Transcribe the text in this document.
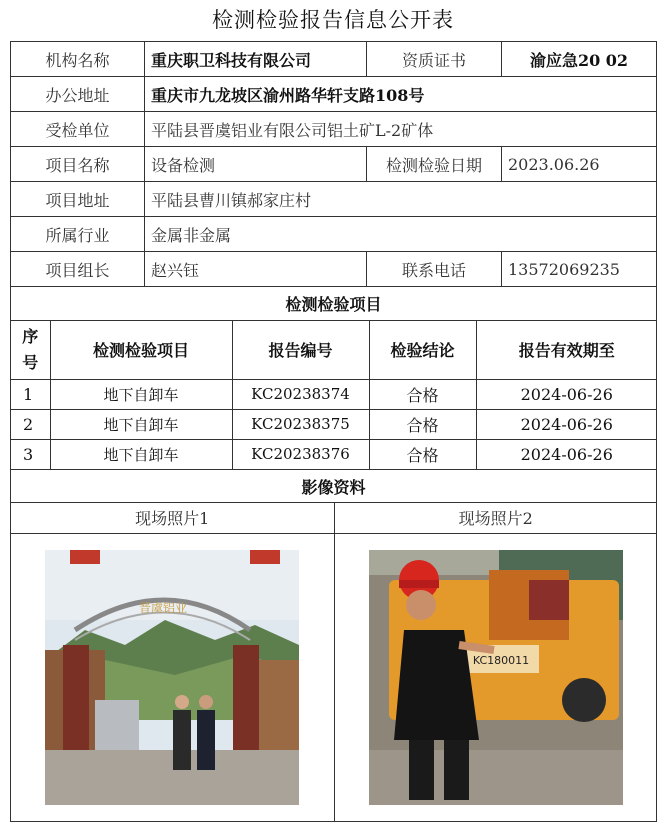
检测检验报告信息公开表
机构名称	重庆职卫科技有限公司	资质证书	渝应急20 02
办公地址	重庆市九龙坡区渝州路华轩支路108号
受检单位	平陆县晋虞铝业有限公司铝土矿L-2矿体
项目名称	设备检测	检测检验日期	2023.06.26
项目地址	平陆县曹川镇郝家庄村
所属行业	金属非金属
项目组长	赵兴钰	联系电话	13572069235
检测检验项目

序号	检测检验项目	报告编号	检验结论	报告有效期至
1	地下自卸车	KC20238374	合格	2024-06-26
2	地下自卸车	KC20238375	合格	2024-06-26
3	地下自卸车	KC20238376	合格	2024-06-26

影像资料

现场照片1	现场照片2

晋虞铝业

KC180011
